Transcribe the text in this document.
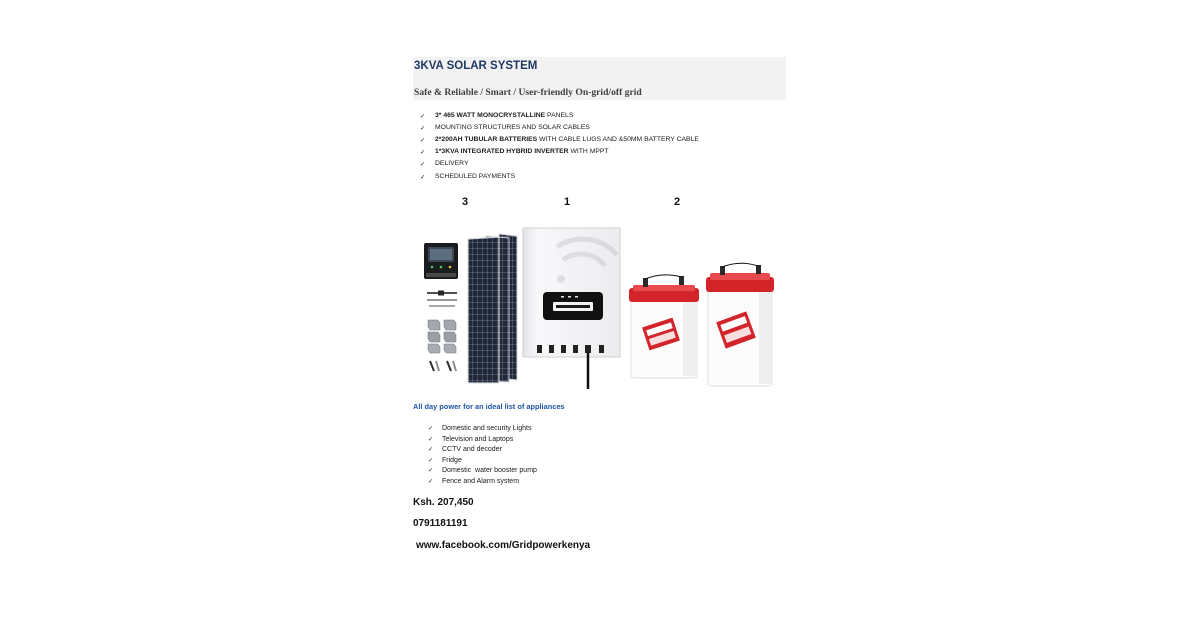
3KVA SOLAR SYSTEM
Safe & Reliable / Smart / User-friendly On-grid/off grid
✓ 3* 465 WATT MONOCRYSTALLINE PANELS
✓ MOUNTING STRUCTURES AND SOLAR CABLES
✓ 2*200AH TUBULAR BATTERIES WITH CABLE LUGS AND &50MM BATTERY CABLE
✓ 1*3KVA INTEGRATED HYBRID INVERTER WITH MPPT
✓ DELIVERY
✓ SCHEDULED PAYMENTS
3	1	2
All day power for an ideal list of appliances
✓ Domestic and security Lights
✓ Television and Laptops
✓ CCTV and decoder
✓ Fridge
✓ Domestic  water booster pump
✓ Fence and Alarm system
Ksh. 207,450
0791181191
www.facebook.com/Gridpowerkenya
